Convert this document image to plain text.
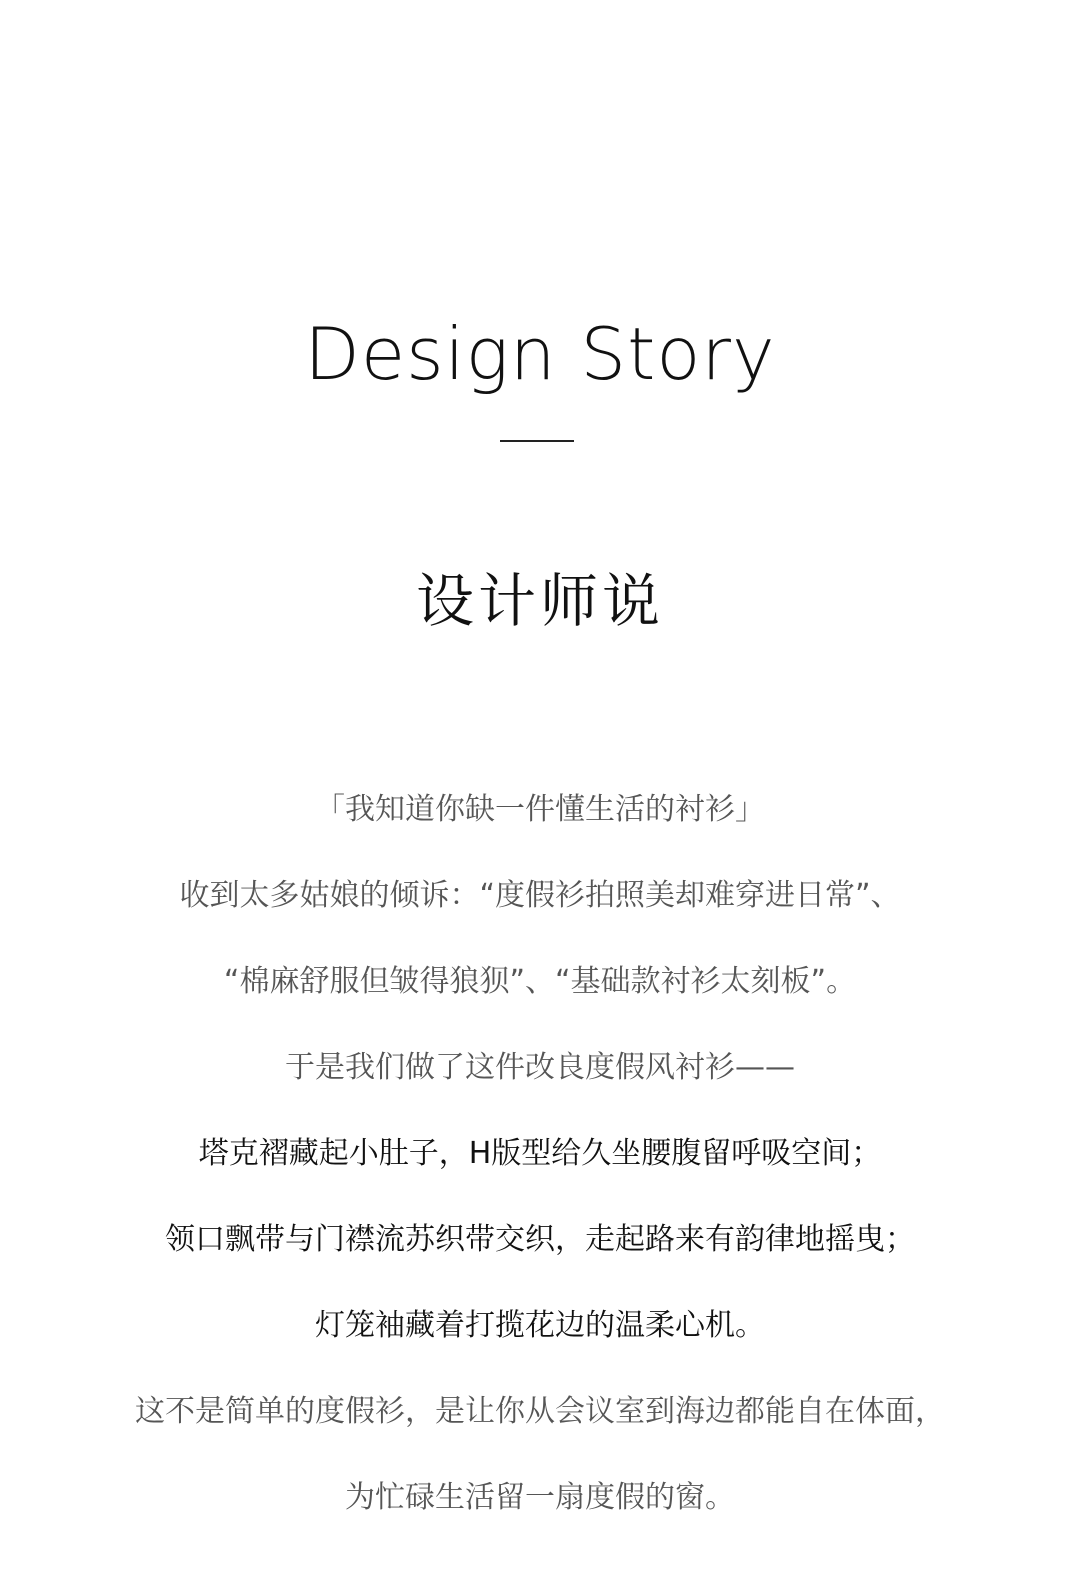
Design Story
设计师说
「我知道你缺一件懂生活的衬衫」
收到太多姑娘的倾诉：“度假衫拍照美却难穿进日常”、
“棉麻舒服但皱得狼狈”、“基础款衬衫太刻板”。
于是我们做了这件改良度假风衬衫——
塔克褶藏起小肚子，H版型给久坐腰腹留呼吸空间；
领口飘带与门襟流苏织带交织，走起路来有韵律地摇曳；
灯笼袖藏着打揽花边的温柔心机。
这不是简单的度假衫，是让你从会议室到海边都能自在体面，
为忙碌生活留一扇度假的窗。
